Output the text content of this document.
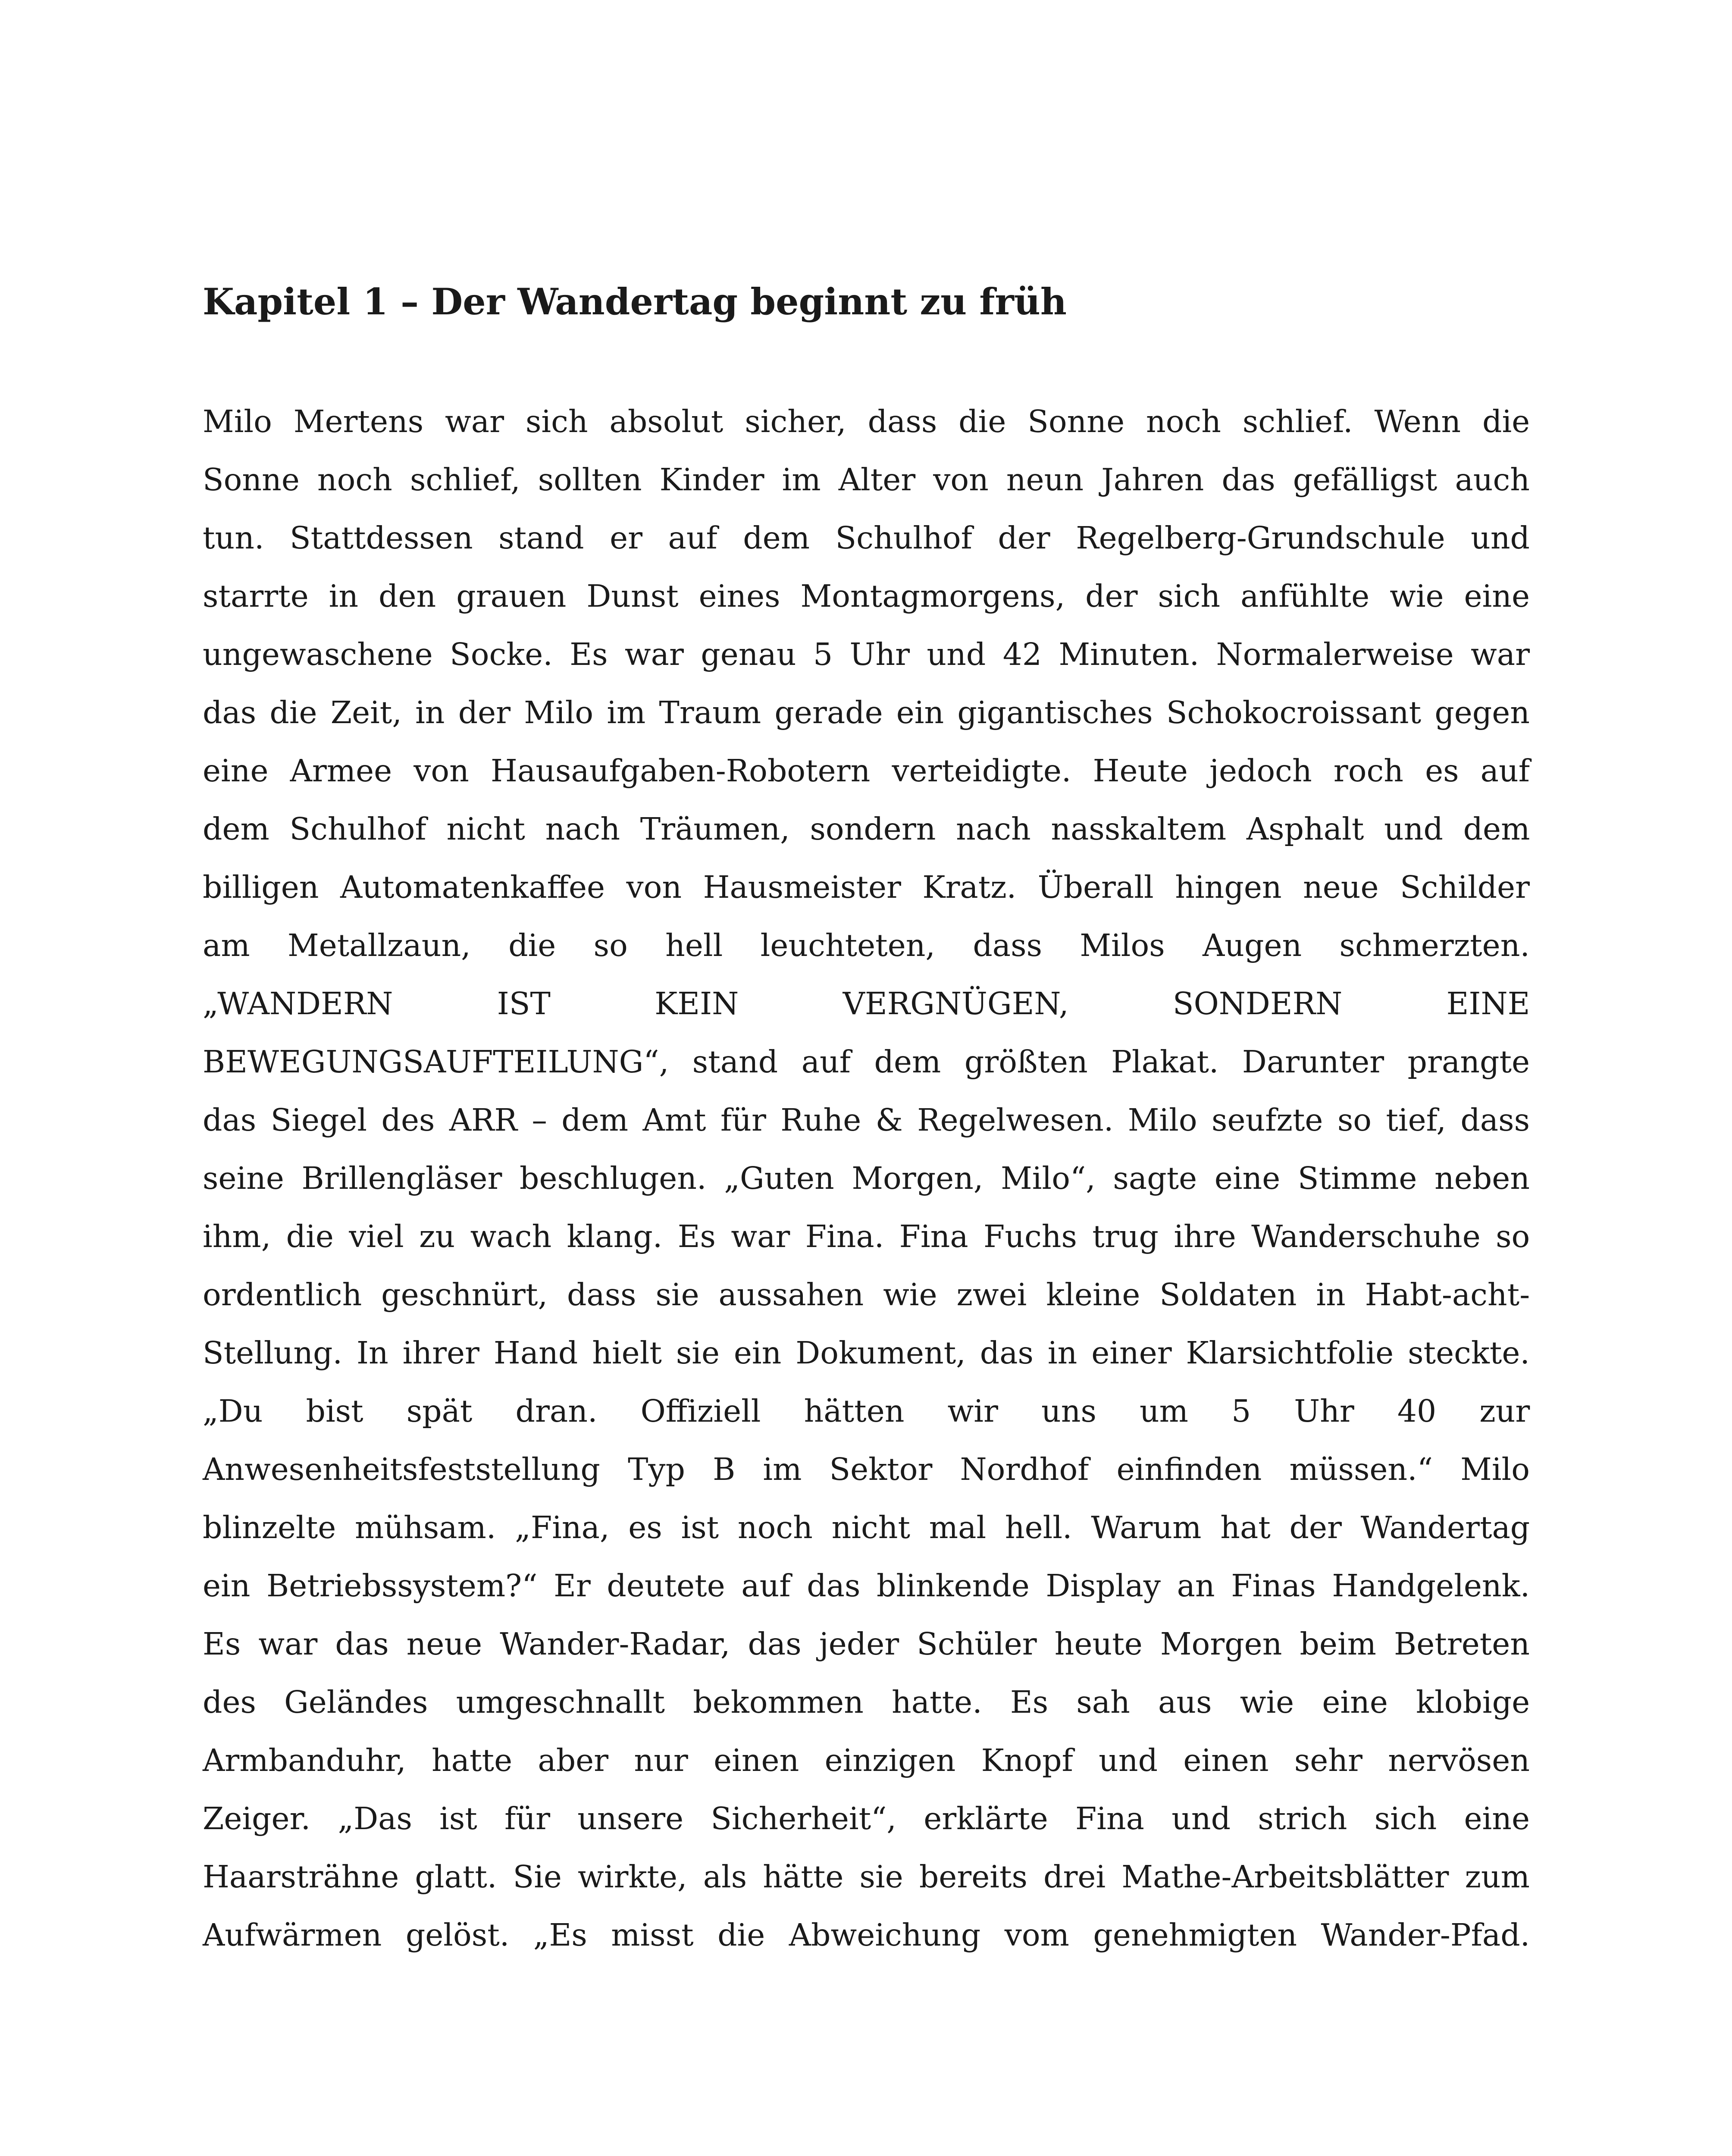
Kapitel 1 – Der Wandertag beginnt zu früh
Milo Mertens war sich absolut sicher, dass die Sonne noch schlief. Wenn die
Sonne noch schlief, sollten Kinder im Alter von neun Jahren das gefälligst auch
tun. Stattdessen stand er auf dem Schulhof der Regelberg-Grundschule und
starrte in den grauen Dunst eines Montagmorgens, der sich anfühlte wie eine
ungewaschene Socke. Es war genau 5 Uhr und 42 Minuten. Normalerweise war
das die Zeit, in der Milo im Traum gerade ein gigantisches Schokocroissant gegen
eine Armee von Hausaufgaben-Robotern verteidigte. Heute jedoch roch es auf
dem Schulhof nicht nach Träumen, sondern nach nasskaltem Asphalt und dem
billigen Automatenkaffee von Hausmeister Kratz. Überall hingen neue Schilder
am Metallzaun, die so hell leuchteten, dass Milos Augen schmerzten.
„WANDERN IST KEIN VERGNÜGEN, SONDERN EINE
BEWEGUNGSAUFTEILUNG“, stand auf dem größten Plakat. Darunter prangte
das Siegel des ARR – dem Amt für Ruhe & Regelwesen. Milo seufzte so tief, dass
seine Brillengläser beschlugen. „Guten Morgen, Milo“, sagte eine Stimme neben
ihm, die viel zu wach klang. Es war Fina. Fina Fuchs trug ihre Wanderschuhe so
ordentlich geschnürt, dass sie aussahen wie zwei kleine Soldaten in Habt-acht-
Stellung. In ihrer Hand hielt sie ein Dokument, das in einer Klarsichtfolie steckte.
„Du bist spät dran. Offiziell hätten wir uns um 5 Uhr 40 zur
Anwesenheitsfeststellung Typ B im Sektor Nordhof einfinden müssen.“ Milo
blinzelte mühsam. „Fina, es ist noch nicht mal hell. Warum hat der Wandertag
ein Betriebssystem?“ Er deutete auf das blinkende Display an Finas Handgelenk.
Es war das neue Wander-Radar, das jeder Schüler heute Morgen beim Betreten
des Geländes umgeschnallt bekommen hatte. Es sah aus wie eine klobige
Armbanduhr, hatte aber nur einen einzigen Knopf und einen sehr nervösen
Zeiger. „Das ist für unsere Sicherheit“, erklärte Fina und strich sich eine
Haarsträhne glatt. Sie wirkte, als hätte sie bereits drei Mathe-Arbeitsblätter zum
Aufwärmen gelöst. „Es misst die Abweichung vom genehmigten Wander-Pfad.
